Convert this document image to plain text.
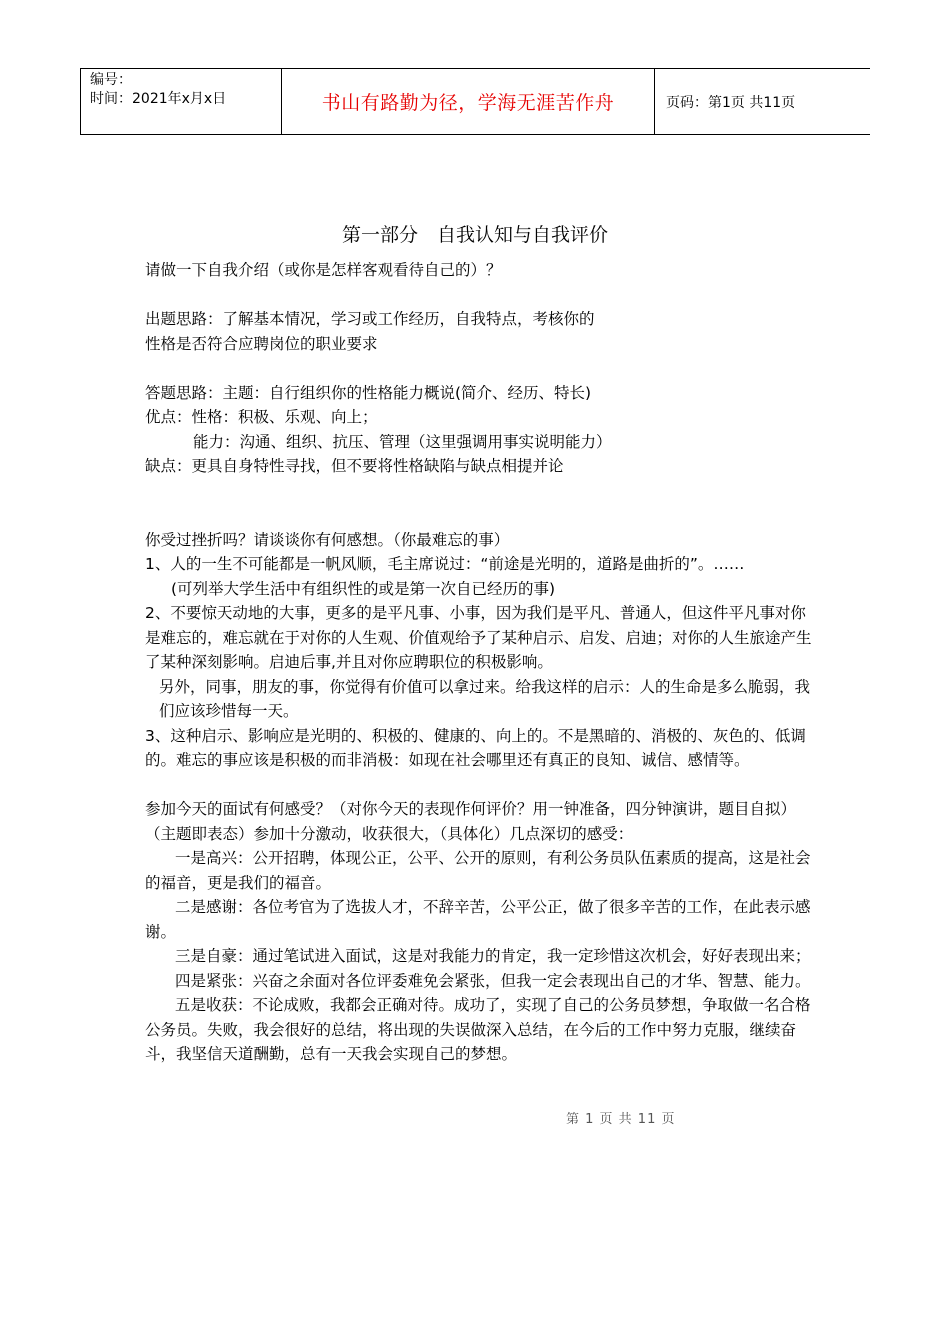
编号：
时间：2021年x月x日	书山有路勤为径，学海无涯苦作舟	页码：第1页 共11页
第一部分　自我认知与自我评价

请做一下自我介绍（或你是怎样客观看待自己的）？

出题思路：了解基本情况，学习或工作经历，自我特点，考核你的

性格是否符合应聘岗位的职业要求

答题思路：主题：自行组织你的性格能力概说(简介、经历、特长)

优点：性格：积极、乐观、向上；

能力：沟通、组织、抗压、管理（这里强调用事实说明能力）

缺点：更具自身特性寻找，但不要将性格缺陷与缺点相提并论

你受过挫折吗？请谈谈你有何感想。（你最难忘的事）

1、人的一生不可能都是一帆风顺，毛主席说过：“前途是光明的，道路是曲折的”。……

(可列举大学生活中有组织性的或是第一次自已经历的事)

2、不要惊天动地的大事，更多的是平凡事、小事，因为我们是平凡、普通人，但这件平凡事对你是难忘的，难忘就在于对你的人生观、价值观给予了某种启示、启发、启迪；对你的人生旅途产生了某种深刻影响。启迪后事,并且对你应聘职位的积极影响。

另外，同事，朋友的事，你觉得有价值可以拿过来。给我这样的启示：人的生命是多么脆弱，我们应该珍惜每一天。

3、这种启示、影响应是光明的、积极的、健康的、向上的。不是黑暗的、消极的、灰色的、低调的。难忘的事应该是积极的而非消极：如现在社会哪里还有真正的良知、诚信、感情等。

参加今天的面试有何感受？（对你今天的表现作何评价？用一钟准备，四分钟演讲，题目自拟）

（主题即表态）参加十分激动，收获很大，（具体化）几点深切的感受：

一是高兴：公开招聘，体现公正，公平、公开的原则，有利公务员队伍素质的提高，这是社会的福音，更是我们的福音。

二是感谢：各位考官为了选拔人才，不辞辛苦，公平公正，做了很多辛苦的工作，在此表示感谢。

三是自豪：通过笔试进入面试，这是对我能力的肯定，我一定珍惜这次机会，好好表现出来；

四是紧张：兴奋之余面对各位评委难免会紧张，但我一定会表现出自己的才华、智慧、能力。

五是收获：不论成败，我都会正确对待。成功了，实现了自己的公务员梦想，争取做一名合格公务员。失败，我会很好的总结，将出现的失误做深入总结，在今后的工作中努力克服，继续奋斗，我坚信天道酬勤，总有一天我会实现自己的梦想。

第 1 页 共 11 页
